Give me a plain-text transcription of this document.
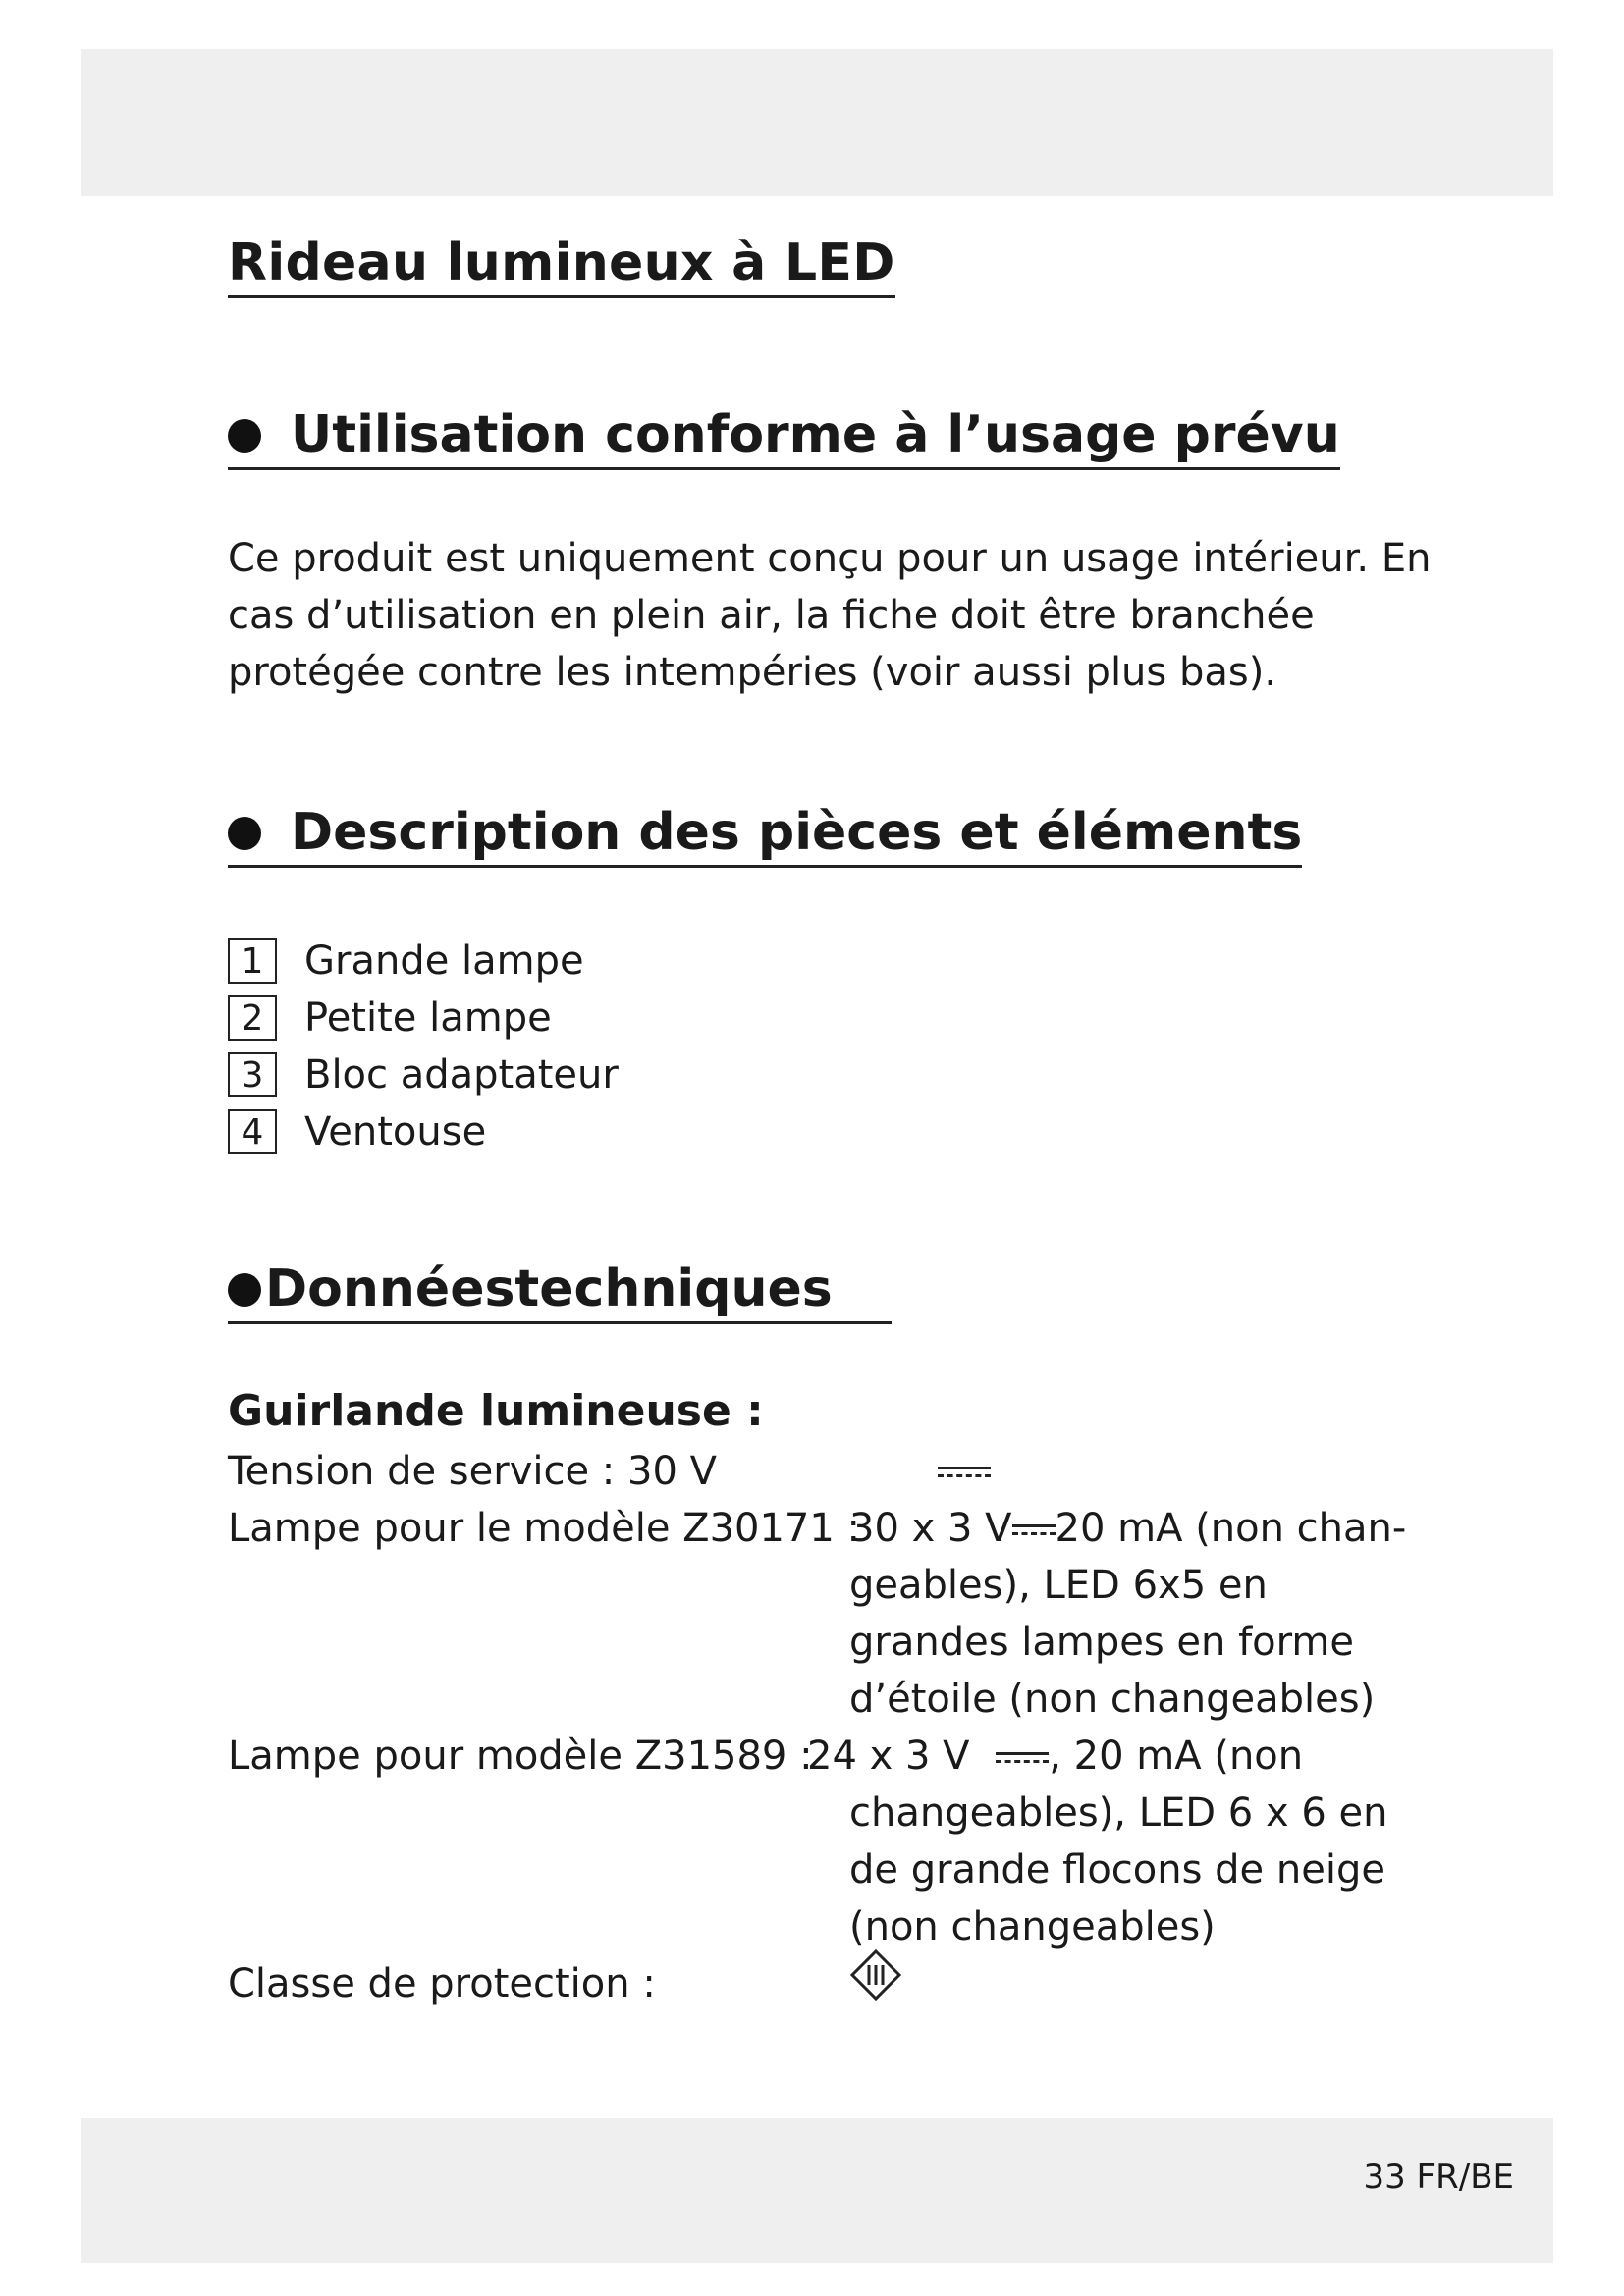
Rideau lumineux à LED
Utilisation conforme à l’usage prévu

Ce produit est uniquement conçu pour un usage intérieur. En cas d’utilisation en plein air, la fiche doit être branchée protégée contre les intempéries (voir aussi plus bas).

Description des pièces et éléments
1	Grande lampe
2	Petite lampe
3	Bloc adaptateur
4	Ventouse
Donnéestechniques
Guirlande lumineuse :
Tension de service : 30 V
Lampe pour le modèle Z30171 :
30 x 3 V 20 mA (non chan-
geables), LED 6x5 en grandes lampes en forme d’étoile (non changeables)
Lampe pour modèle Z31589 :
24 x 3 V , 20 mA (non
changeables), LED 6 x 6 en de grande flocons de neige (non changeables)
Classe de protection :
33 FR/BE
